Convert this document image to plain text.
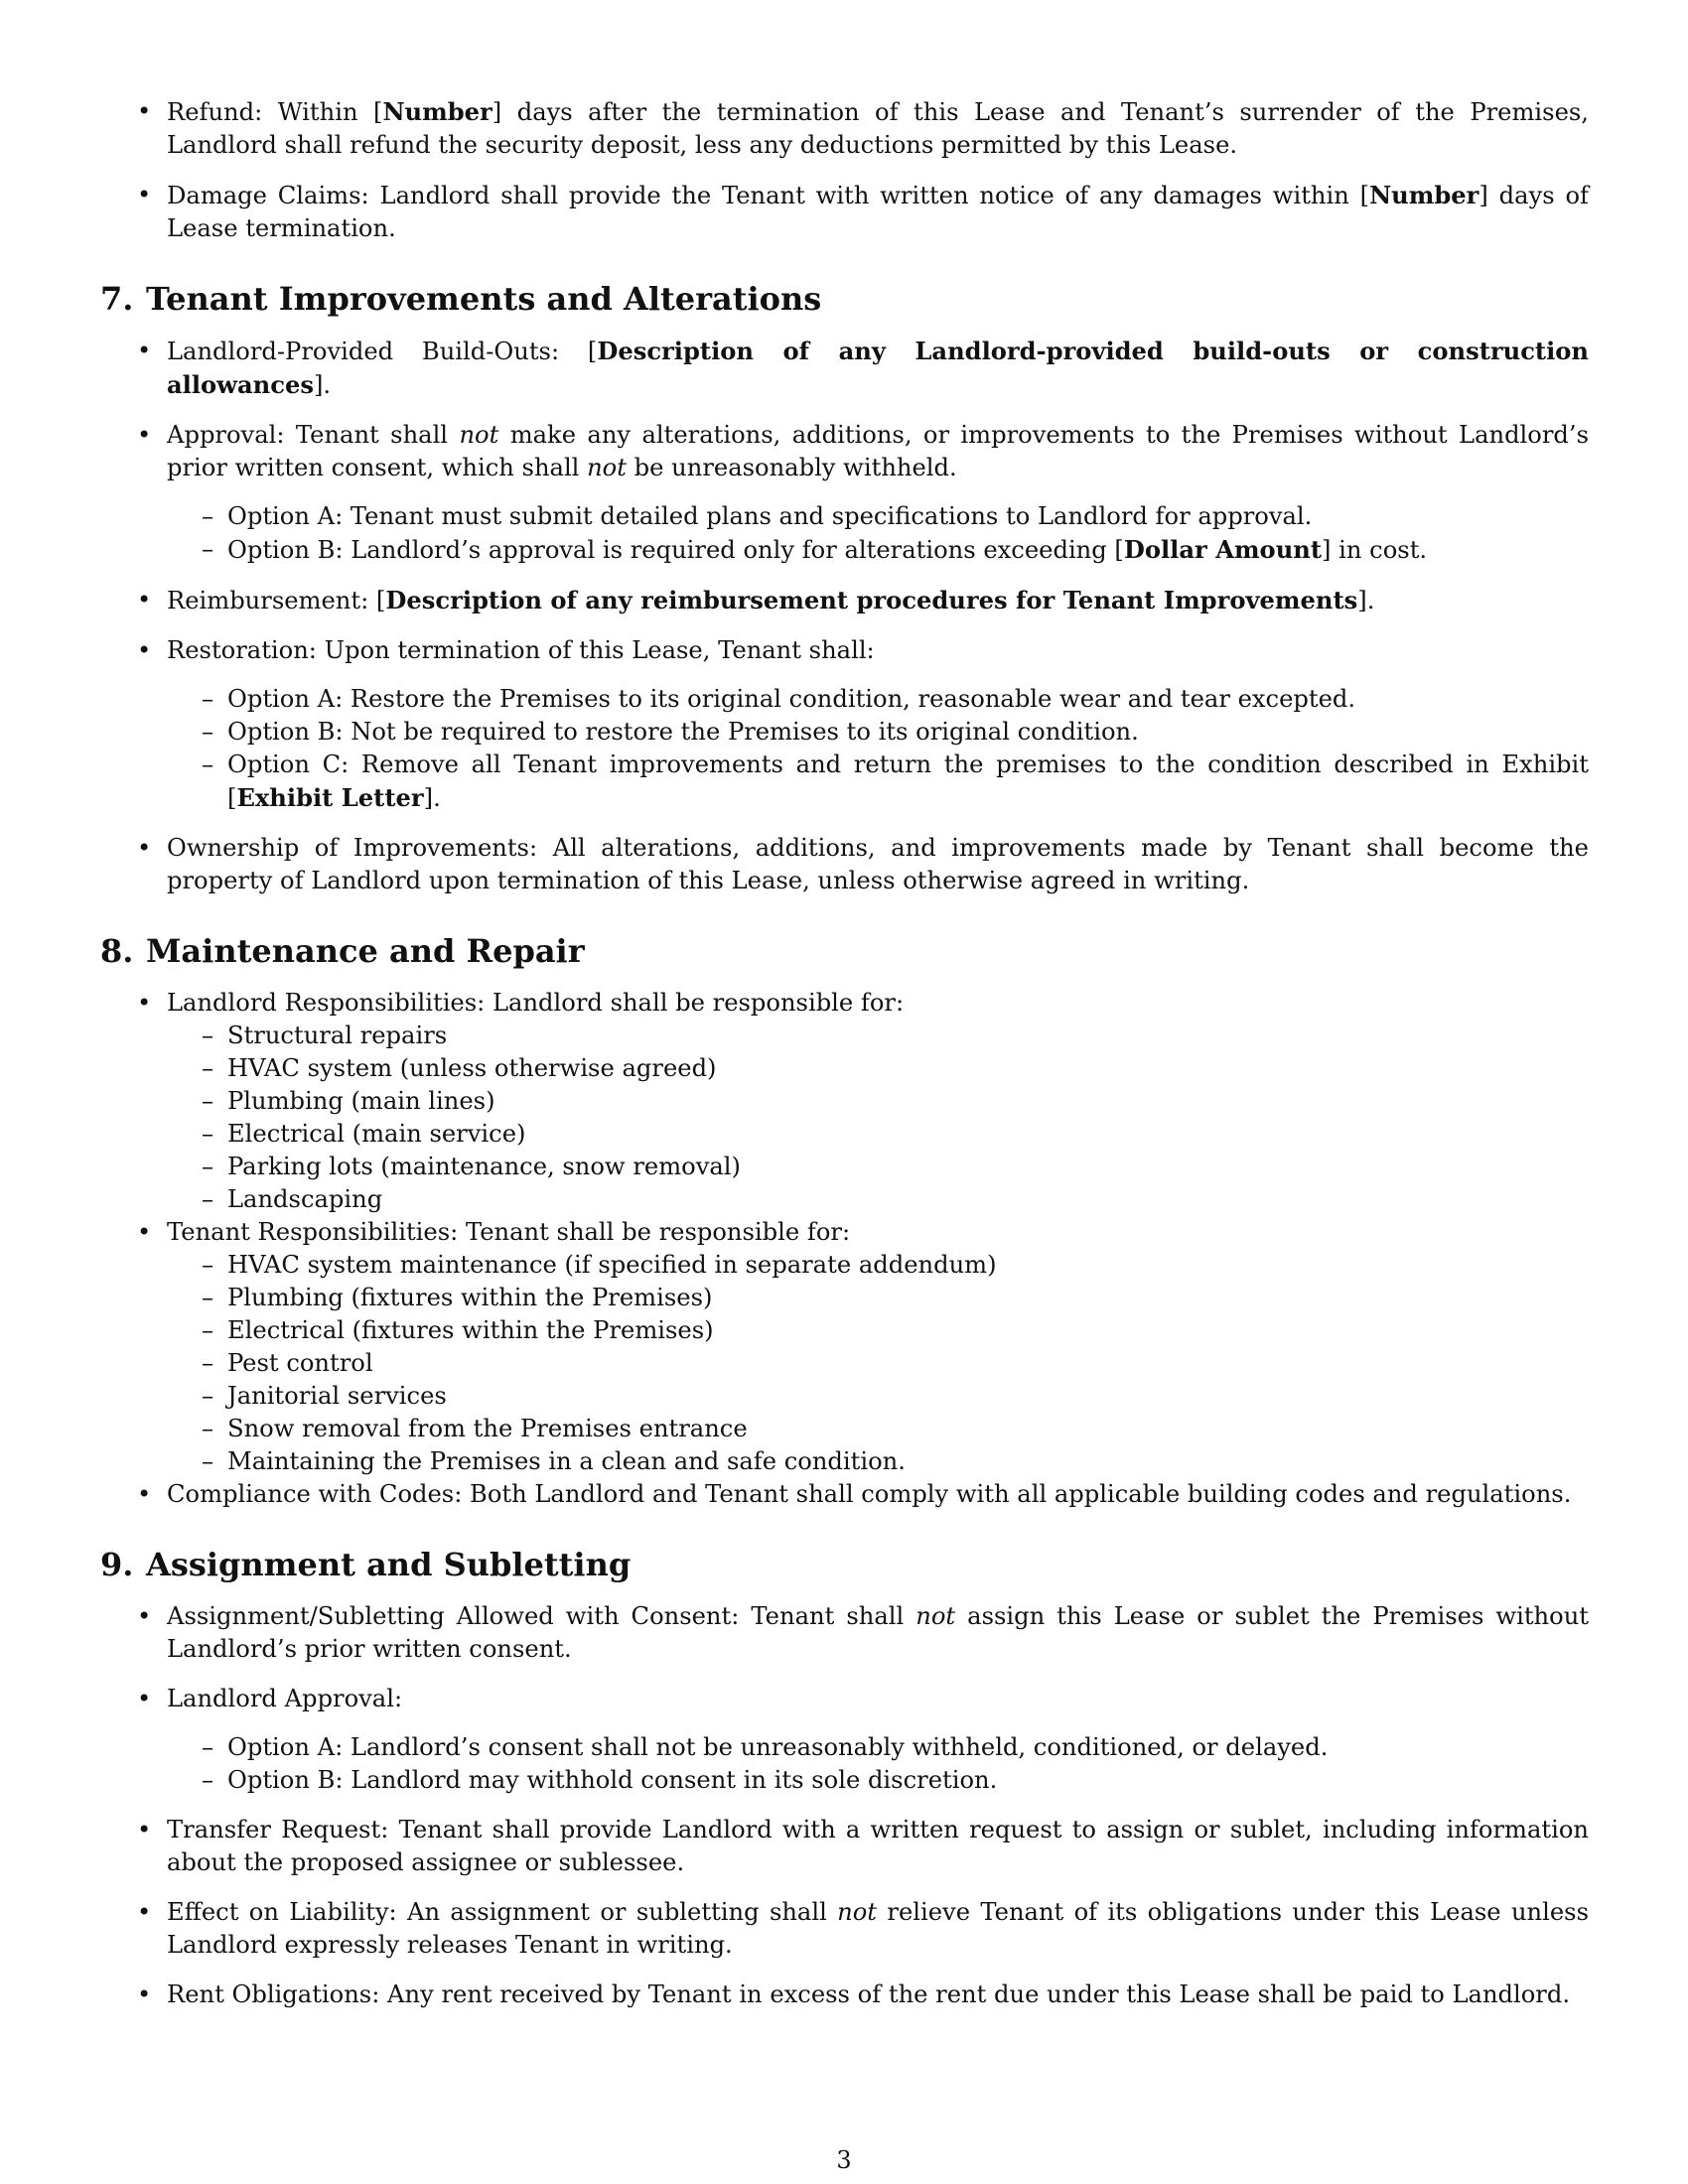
• Refund: Within [Number] days after the termination of this Lease and Tenant’s surrender of the Premises, Landlord shall refund the security deposit, less any deductions permitted by this Lease.
• Damage Claims: Landlord shall provide the Tenant with written notice of any damages within [Number] days of Lease termination.
7. Tenant Improvements and Alterations
• Landlord-Provided Build-Outs: [Description of any Landlord-provided build-outs or construction allowances].
• Approval: Tenant shall not make any alterations, additions, or improvements to the Premises without Landlord’s prior written consent, which shall not be unreasonably withheld.
– Option A: Tenant must submit detailed plans and specifications to Landlord for approval.
– Option B: Landlord’s approval is required only for alterations exceeding [Dollar Amount] in cost.
• Reimbursement: [Description of any reimbursement procedures for Tenant Improvements].
• Restoration: Upon termination of this Lease, Tenant shall:
– Option A: Restore the Premises to its original condition, reasonable wear and tear excepted.
– Option B: Not be required to restore the Premises to its original condition.
– Option C: Remove all Tenant improvements and return the premises to the condition described in Exhibit [Exhibit Letter].
• Ownership of Improvements: All alterations, additions, and improvements made by Tenant shall become the property of Landlord upon termination of this Lease, unless otherwise agreed in writing.
8. Maintenance and Repair
• Landlord Responsibilities: Landlord shall be responsible for:
– Structural repairs
– HVAC system (unless otherwise agreed)
– Plumbing (main lines)
– Electrical (main service)
– Parking lots (maintenance, snow removal)
– Landscaping
• Tenant Responsibilities: Tenant shall be responsible for:
– HVAC system maintenance (if specified in separate addendum)
– Plumbing (fixtures within the Premises)
– Electrical (fixtures within the Premises)
– Pest control
– Janitorial services
– Snow removal from the Premises entrance
– Maintaining the Premises in a clean and safe condition.
• Compliance with Codes: Both Landlord and Tenant shall comply with all applicable building codes and regulations.
9. Assignment and Subletting
• Assignment/Subletting Allowed with Consent: Tenant shall not assign this Lease or sublet the Premises without Landlord’s prior written consent.
• Landlord Approval:
– Option A: Landlord’s consent shall not be unreasonably withheld, conditioned, or delayed.
– Option B: Landlord may withhold consent in its sole discretion.
• Transfer Request: Tenant shall provide Landlord with a written request to assign or sublet, including information about the proposed assignee or sublessee.
• Effect on Liability: An assignment or subletting shall not relieve Tenant of its obligations under this Lease unless Landlord expressly releases Tenant in writing.
• Rent Obligations: Any rent received by Tenant in excess of the rent due under this Lease shall be paid to Landlord.
3
